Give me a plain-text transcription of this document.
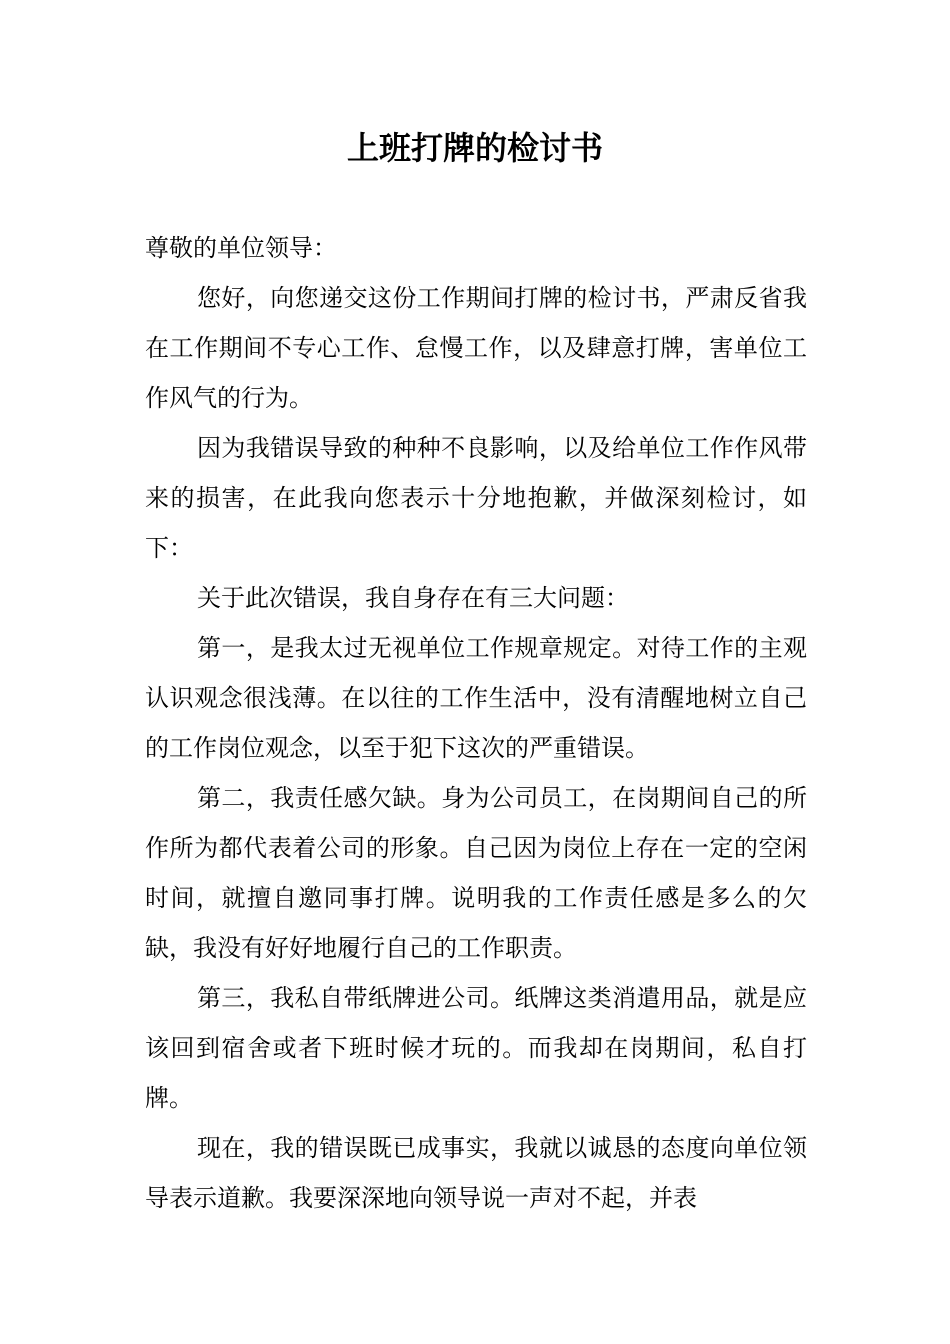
上班打牌的检讨书

尊敬的单位领导：

您好，向您递交这份工作期间打牌的检讨书，严肃反省我在工作期间不专心工作、怠慢工作，以及肆意打牌，害单位工作风气的行为。

因为我错误导致的种种不良影响，以及给单位工作作风带来的损害，在此我向您表示十分地抱歉，并做深刻检讨，如下：

关于此次错误，我自身存在有三大问题：

第一，是我太过无视单位工作规章规定。对待工作的主观认识观念很浅薄。在以往的工作生活中，没有清醒地树立自己的工作岗位观念，以至于犯下这次的严重错误。

第二，我责任感欠缺。身为公司员工，在岗期间自己的所作所为都代表着公司的形象。自己因为岗位上存在一定的空闲时间，就擅自邀同事打牌。说明我的工作责任感是多么的欠缺，我没有好好地履行自己的工作职责。

第三，我私自带纸牌进公司。纸牌这类消遣用品，就是应该回到宿舍或者下班时候才玩的。而我却在岗期间，私自打牌。

现在，我的错误既已成事实，我就以诚恳的态度向单位领导表示道歉。我要深深地向领导说一声对不起，并表
